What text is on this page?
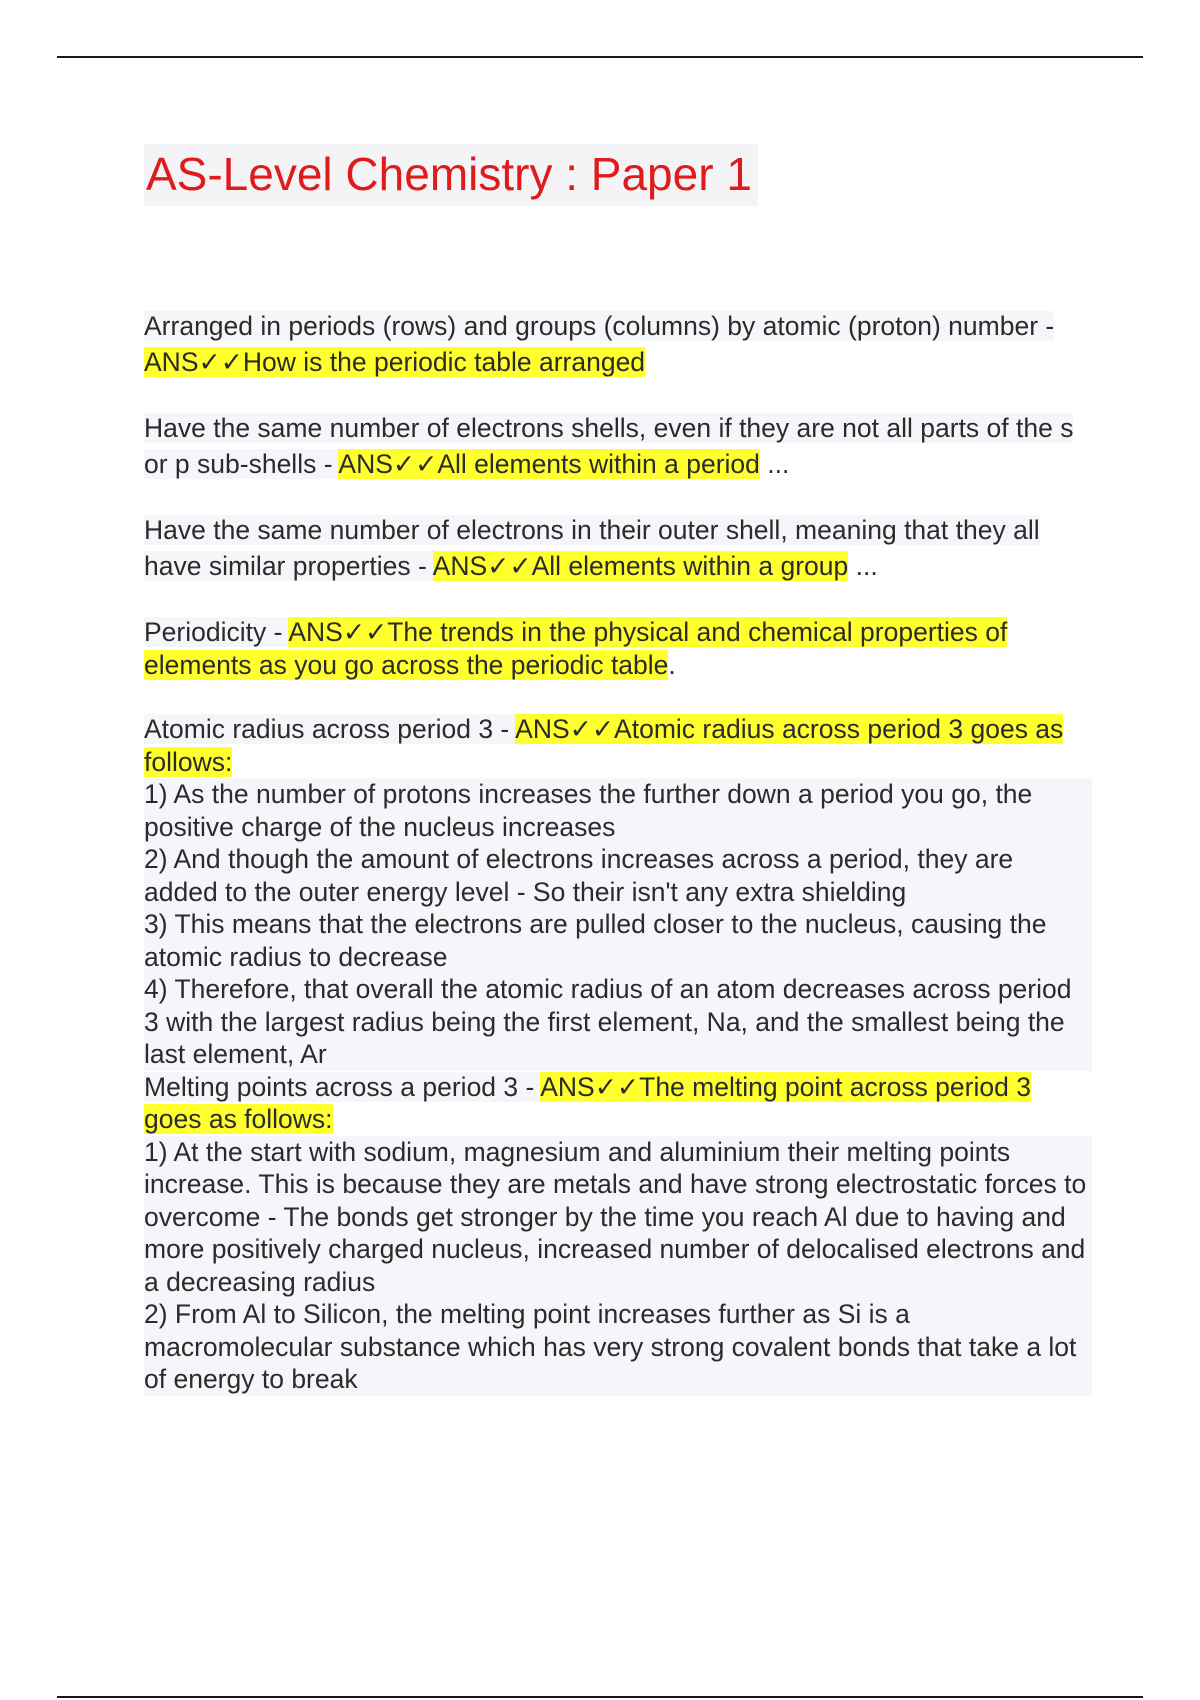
AS-Level Chemistry : Paper 1

Arranged in periods (rows) and groups (columns) by atomic (proton) number - ANS✓✓How is the periodic table arranged

Have the same number of electrons shells, even if they are not all parts of the s or p sub-shells - ANS✓✓All elements within a period ...

Have the same number of electrons in their outer shell, meaning that they all have similar properties - ANS✓✓All elements within a group ...

Periodicity - ANS✓✓The trends in the physical and chemical properties of elements as you go across the periodic table.

Atomic radius across period 3 - ANS✓✓Atomic radius across period 3 goes as follows:
1) As the number of protons increases the further down a period you go, the positive charge of the nucleus increases
2) And though the amount of electrons increases across a period, they are added to the outer energy level - So their isn't any extra shielding
3) This means that the electrons are pulled closer to the nucleus, causing the atomic radius to decrease
4) Therefore, that overall the atomic radius of an atom decreases across period 3 with the largest radius being the first element, Na, and the smallest being the last element, Ar
Melting points across a period 3 - ANS✓✓The melting point across period 3 goes as follows:
1) At the start with sodium, magnesium and aluminium their melting points increase. This is because they are metals and have strong electrostatic forces to overcome - The bonds get stronger by the time you reach Al due to having and more positively charged nucleus, increased number of delocalised electrons and a decreasing radius
2) From Al to Silicon, the melting point increases further as Si is a macromolecular substance which has very strong covalent bonds that take a lot of energy to break
